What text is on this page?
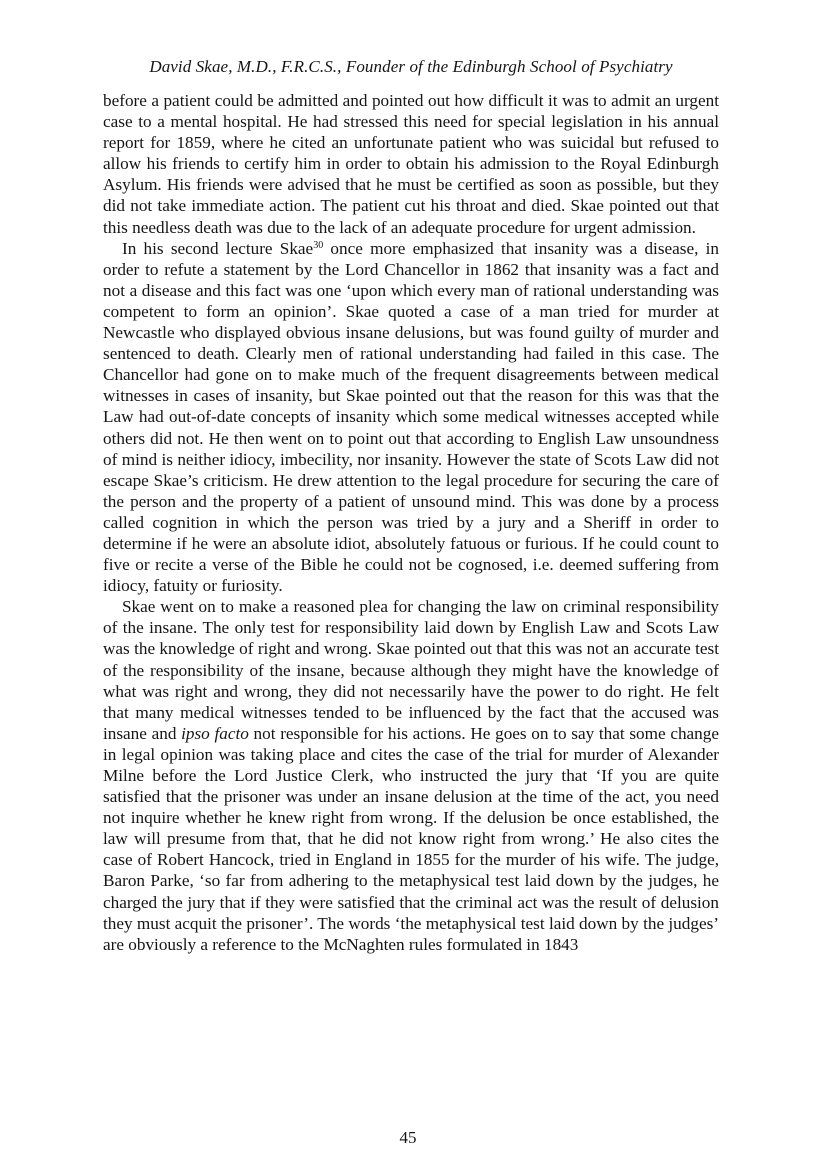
David Skae, M.D., F.R.C.S., Founder of the Edinburgh School of Psychiatry

before a patient could be admitted and pointed out how difficult it was to admit an urgent case to a mental hospital. He had stressed this need for special legislation in his annual report for 1859, where he cited an unfortunate patient who was suicidal but refused to allow his friends to certify him in order to obtain his admission to the Royal Edinburgh Asylum. His friends were advised that he must be certified as soon as possible, but they did not take immediate action. The patient cut his throat and died. Skae pointed out that this needless death was due to the lack of an adequate procedure for urgent admission.

In his second lecture Skae$^{30}$ once more emphasized that insanity was a disease, in order to refute a statement by the Lord Chancellor in 1862 that insanity was a fact and not a disease and this fact was one ‘upon which every man of rational understanding was competent to form an opinion’. Skae quoted a case of a man tried for murder at Newcastle who displayed obvious insane delusions, but was found guilty of murder and sentenced to death. Clearly men of rational understanding had failed in this case. The Chancellor had gone on to make much of the frequent disagreements between medical witnesses in cases of insanity, but Skae pointed out that the reason for this was that the Law had out-of-date concepts of insanity which some medical witnesses accepted while others did not. He then went on to point out that according to English Law unsoundness of mind is neither idiocy, imbecility, nor insanity. However the state of Scots Law did not escape Skae’s criticism. He drew attention to the legal procedure for securing the care of the person and the property of a patient of unsound mind. This was done by a process called cognition in which the person was tried by a jury and a Sheriff in order to determine if he were an absolute idiot, absolutely fatuous or furious. If he could count to five or recite a verse of the Bible he could not be cognosed, i.e. deemed suffering from idiocy, fatuity or furiosity.

Skae went on to make a reasoned plea for changing the law on criminal responsibility of the insane. The only test for responsibility laid down by English Law and Scots Law was the knowledge of right and wrong. Skae pointed out that this was not an accurate test of the responsibility of the insane, because although they might have the knowledge of what was right and wrong, they did not necessarily have the power to do right. He felt that many medical witnesses tended to be influenced by the fact that the accused was insane and ipso facto not responsible for his actions. He goes on to say that some change in legal opinion was taking place and cites the case of the trial for murder of Alexander Milne before the Lord Justice Clerk, who instructed the jury that ‘If you are quite satisfied that the prisoner was under an insane delusion at the time of the act, you need not inquire whether he knew right from wrong. If the delusion be once established, the law will presume from that, that he did not know right from wrong.’ He also cites the case of Robert Hancock, tried in England in 1855 for the murder of his wife. The judge, Baron Parke, ‘so far from adhering to the metaphysical test laid down by the judges, he charged the jury that if they were satisfied that the criminal act was the result of delusion they must acquit the prisoner’. The words ‘the metaphysical test laid down by the judges’ are obviously a reference to the McNaghten rules formulated in 1843

45
